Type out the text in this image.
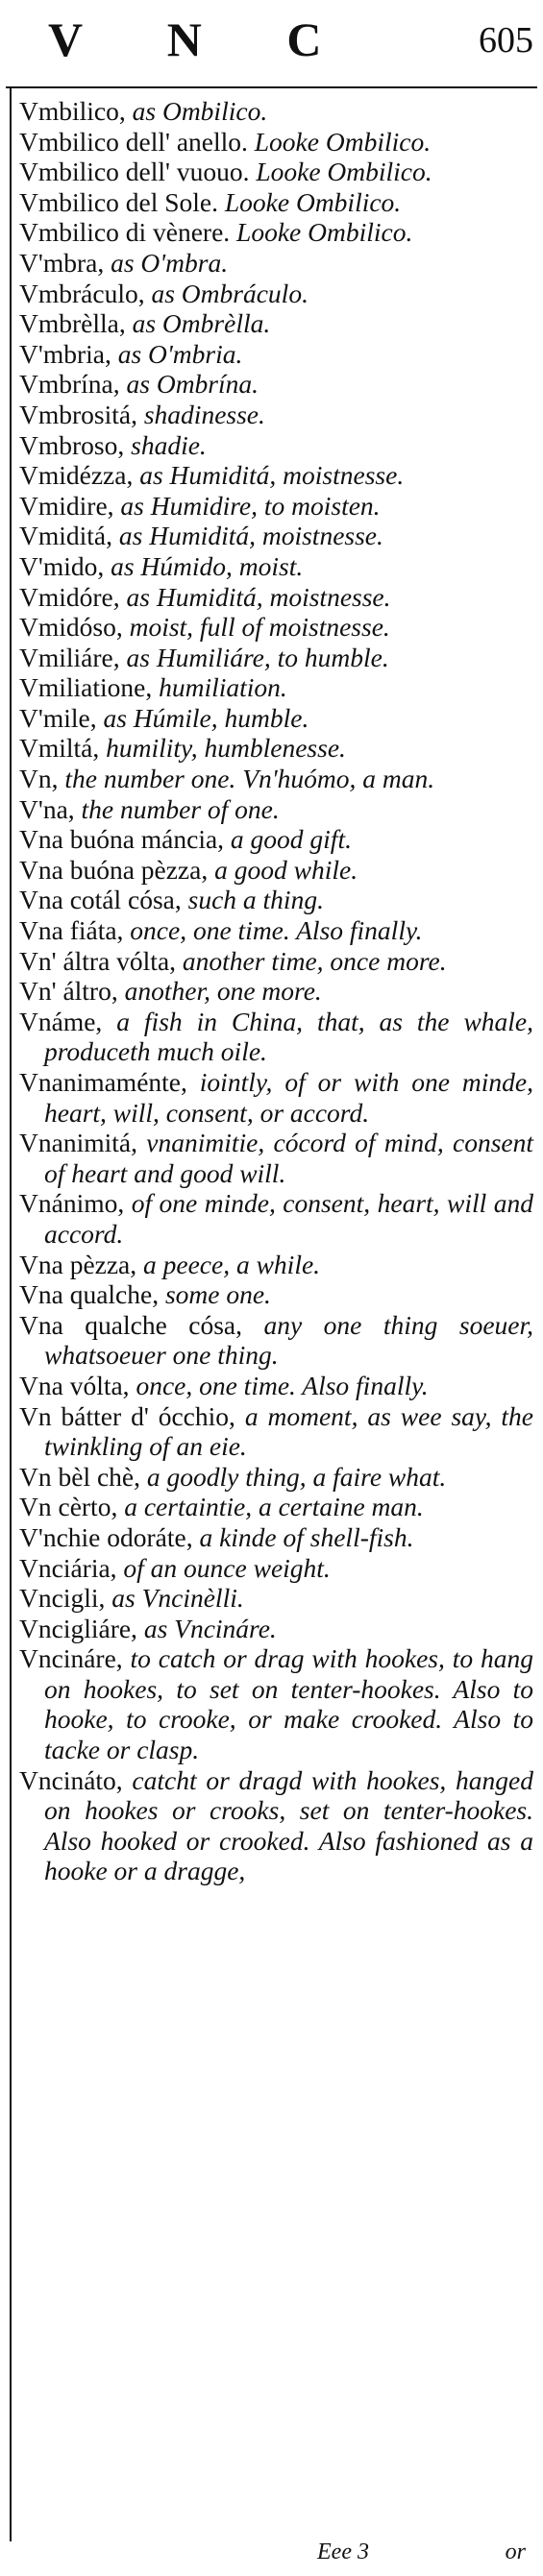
V N C	605

Vmbilico, as Ombilico.

Vmbilico dell' anello. Looke Ombilico.

Vmbilico dell' vuouo. Looke Ombilico.

Vmbilico del Sole. Looke Ombilico.

Vmbilico di vènere. Looke Ombilico.

V'mbra, as O'mbra.

Vmbráculo, as Ombráculo.

Vmbrèlla, as Ombrèlla.

V'mbria, as O'mbria.

Vmbrína, as Ombrína.

Vmbrositá, shadinesse.

Vmbroso, shadie.

Vmidézza, as Humiditá, moistnesse.

Vmidire, as Humidire, to moisten.

Vmiditá, as Humiditá, moistnesse.

V'mido, as Húmido, moist.

Vmidóre, as Humiditá, moistnesse.

Vmidóso, moist, full of moistnesse.

Vmiliáre, as Humiliáre, to humble.

Vmiliatione, humiliation.

V'mile, as Húmile, humble.

Vmiltá, humility, humblenesse.

Vn, the number one. Vn'huómo, a man.

V'na, the number of one.

Vna buóna máncia, a good gift.

Vna buóna pèzza, a good while.

Vna cotál cósa, such a thing.

Vna fiáta, once, one time. Also finally.

Vn' áltra vólta, another time, once more.

Vn' áltro, another, one more.

Vnáme, a fish in China, that, as the whale, produceth much oile.

Vnanimaménte, iointly, of or with one minde, heart, will, consent, or accord.

Vnanimitá, vnanimitie, cócord of mind, consent of heart and good will.

Vnánimo, of one minde, consent, heart, will and accord.

Vna pèzza, a peece, a while.

Vna qualche, some one.

Vna qualche cósa, any one thing soeuer, whatsoeuer one thing.

Vna vólta, once, one time. Also finally.

Vn bátter d' ócchio, a moment, as wee say, the twinkling of an eie.

Vn bèl chè, a goodly thing, a faire what.

Vn cèrto, a certaintie, a certaine man.

V'nchie odoráte, a kinde of shell-fish.

Vnciária, of an ounce weight.

Vncigli, as Vncinèlli.

Vncigliáre, as Vncináre.

Vncináre, to catch or drag with hookes, to hang on hookes, to set on tenter-hookes. Also to hooke, to crooke, or make crooked. Also to tacke or clasp.

Vncináto, catcht or dragd with hookes, hanged on hookes or crooks, set on tenter-hookes. Also hooked or crooked. Also fashioned as a hooke or a dragge,

Eee 3	or
